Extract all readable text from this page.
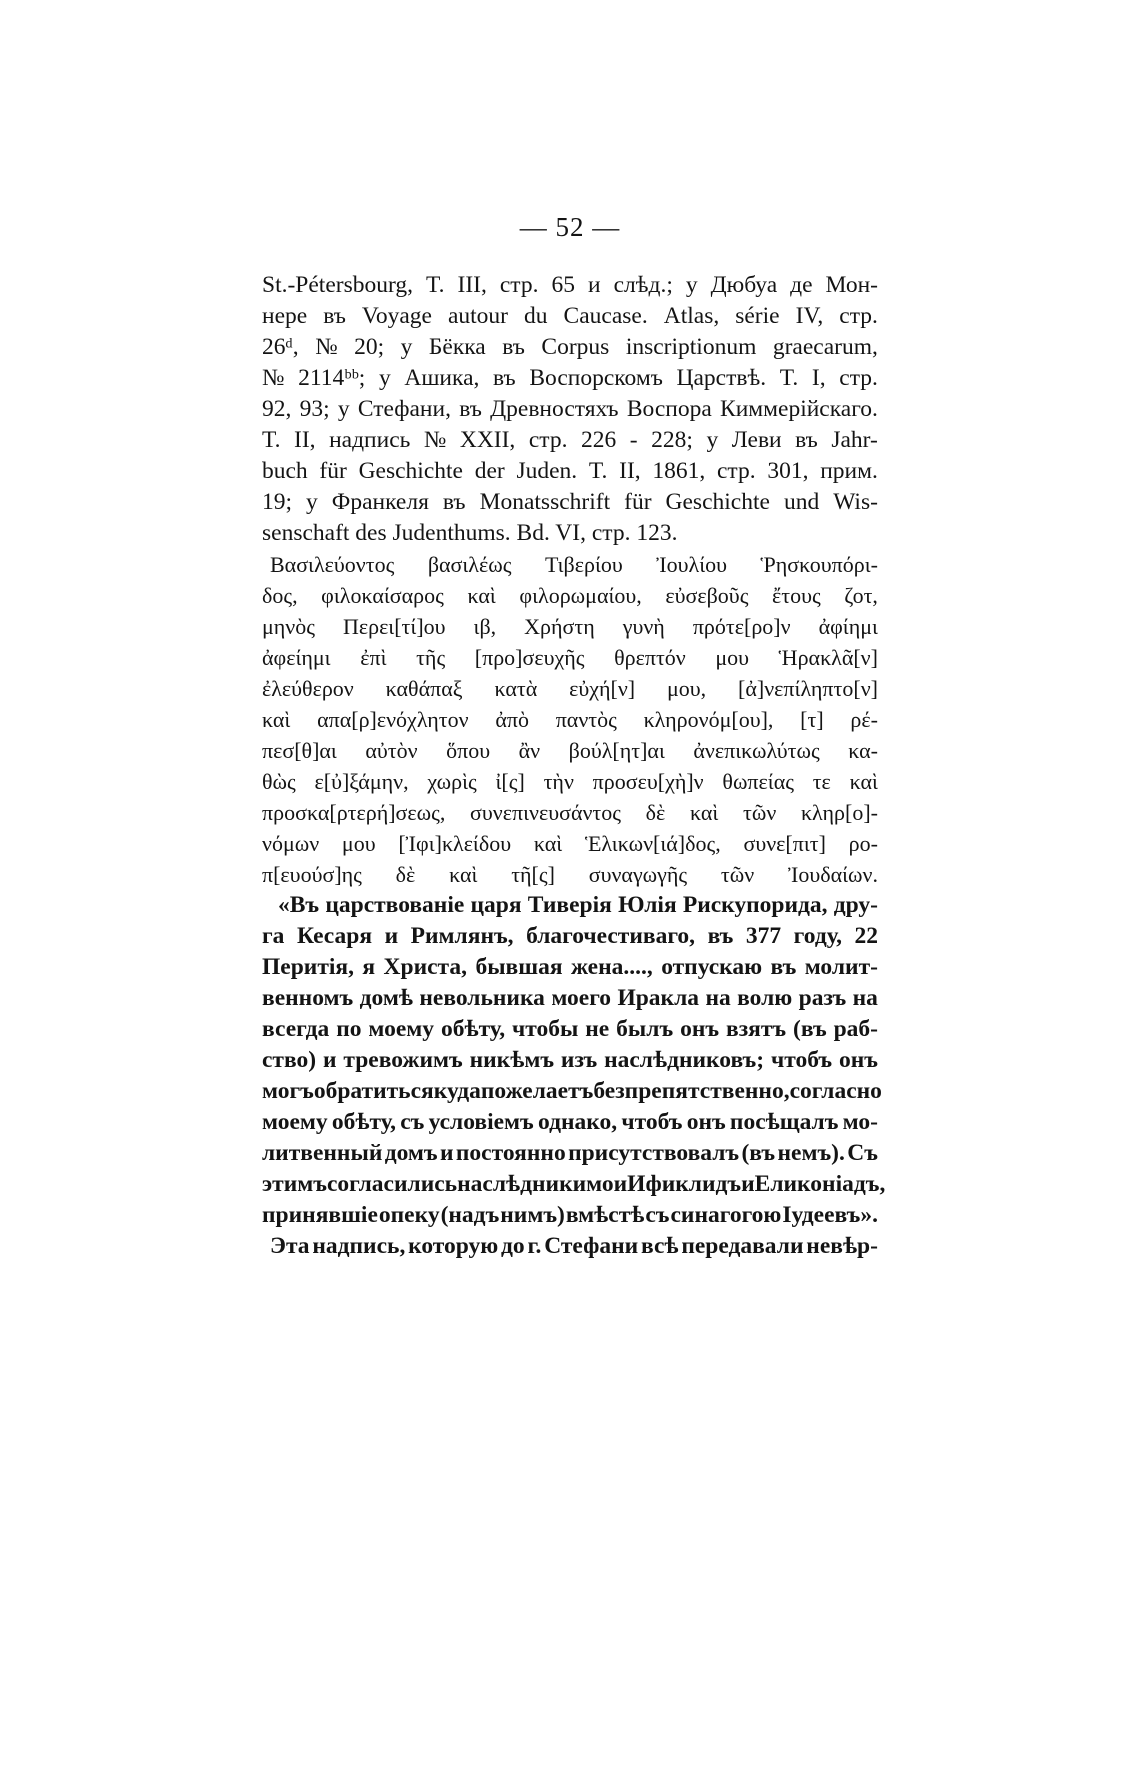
— 52 —
St.-Pétersbourg, T. III, стр. 65 и слѣд.; у Дюбуа де Мон-
нере въ Voyage autour du Caucase. Atlas, série IV, стр.
26ᵈ, № 20; у Бёкка въ Corpus inscriptionum graecarum,
№ 2114ᵇᵇ; у Ашика, въ Воспорскомъ Царствѣ. T. I, стр.
92, 93; у Стефани, въ Древностяхъ Воспора Киммерійскаго.
T. II, надпись № XXII, стр. 226 - 228; у Леви въ Jahr-
buch für Geschichte der Juden. T. II, 1861, стр. 301, прим.
19; у Франкеля въ Monatsschrift für Geschichte und Wis-
senschaft des Judenthums. Bd. VI, стр. 123.
Βασιλεύοντος βασιλέως Τιβερίου Ἰουλίου Ῥησκουπόρι-
δος, φιλοκαίσαρος καὶ φιλορωμαίου, εὐσεβοῦς ἔτους ζοτ,
μηνὸς Περει[τί]ου ιβ, Χρήστη γυνὴ πρότε[ρο]ν ἀφίημι
ἀφείημι ἐπὶ τῆς [προ]σευχῆς θρεπτόν μου Ἡρακλᾶ[ν]
ἐλεύθερον καθάπαξ κατὰ εὐχή[ν] μου, [ἀ]νεπίληπτο[ν]
καὶ απα[ρ]ενόχλητον ἀπὸ παντὸς κληρονόμ[ου], [τ] ρέ-
πεσ[θ]αι αὐτὸν ὅπου ἂν βούλ[ητ]αι ἀνεπικωλύτως κα-
θὼς ε[ὐ]ξάμην, χωρὶς ἰ[ς] τὴν προσευ[χὴ]ν θωπείας τε καὶ
προσκα[ρτερή]σεως, συνεπινευσάντος δὲ καὶ τῶν κληρ[ο]-
νόμων μου [Ἰφι]κλείδου καὶ Ἑλικων[ιά]δος, συνε[πιτ] ρο-
π[ευούσ]ης δὲ καὶ τῆ[ς] συναγωγῆς τῶν Ἰουδαίων.
«Въ царствованіе царя Тиверія Юлія Рискупорида, дру-
га Кесаря и Римлянъ, благочестиваго, въ 377 году, 22
Перитія, я Христа, бывшая жена...., отпускаю въ молит-
венномъ домѣ невольника моего Иракла на волю разъ на
всегда по моему обѣту, чтобы не былъ онъ взятъ (въ раб-
ство) и тревожимъ никѣмъ изъ наслѣдниковъ; чтобъ онъ
могъ обратиться куда пожелаетъ безпрепятственно, согласно
моему обѣту, съ условіемъ однако, чтобъ онъ посѣщалъ мо-
литвенный домъ и постоянно присутствовалъ (въ немъ). Съ
этимъ согласились наслѣдники мои Ификлидъ и Еликоніадъ,
принявшіе опеку (надъ нимъ) вмѣстѣ съ синагогою Іудеевъ».
Эта надпись, которую до г. Стефани всѣ передавали невѣр-
